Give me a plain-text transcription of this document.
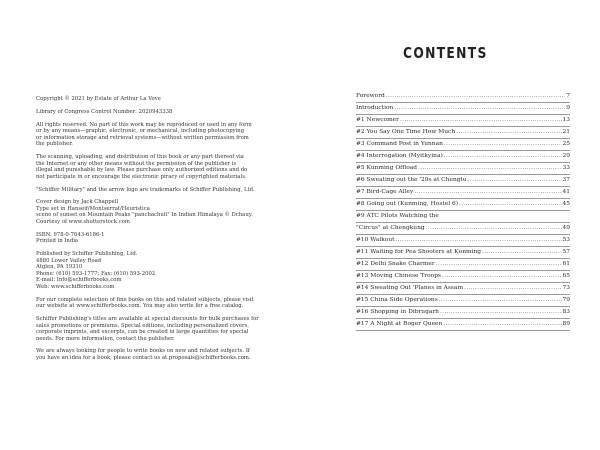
Copyright © 2021 by Estate of Arthur La Vove

Library of Congress Control Number: 2020943338

All rights reserved. No part of this work may be reproduced or used in any form
or by any means—graphic, electronic, or mechanical, including photocopying
or information storage and retrieval systems—without written permission from
the publisher.

The scanning, uploading, and distribution of this book or any part thereof via
the Internet or any other means without the permission of the publisher is
illegal and punishable by law. Please purchase only authorized editions and do
not participate in or encourage the electronic piracy of copyrighted materials.

"Schiffer Military" and the arrow logo are trademarks of Schiffer Publishing, Ltd.

Cover design by Jack Chappell
Type set in Hanseif/Montserrat/Heuristica
scene of sunset on Mountain Peaks "panchachuli" In Indian Himalaya © Dchauy.
Courtesy of www.shutterstock.com

ISBN: 978-0-7643-6186-1
Printed in India

Published by Schiffer Publishing, Ltd.
4880 Lower Valley Road
Atglen, PA 19310
Phone: (610) 593-1777; Fax: (610) 593-2002
E-mail: Info@schifferbooks.com
Web: www.schifferbooks.com

For our complete selection of fine books on this and related subjects, please visit
our website at www.schifferbooks.com. You may also write for a free catalog.

Schiffer Publishing's titles are available at special discounts for bulk purchases for
sales promotions or premiums. Special editions, including personalized covers,
corporate imprints, and excerpts, can be created in large quantities for special
needs. For more information, contact the publisher.

We are always looking for people to write books on new and related subjects. If
you have an idea for a book, please contact us at proposals@schifferbooks.com.

CONTENTS
Foreword .....	7
Introduction .....	9
#1 Newcomer .....	13
#2 You Say One Time How Much .....	21
#3 Command Post in Yunnan .....	25
#4 Interrogation (Myitkyina) .....	29
#5 Kunming Offload .....	33
#6 Sweating out the '29s at Chengtu .....	37
#7 Bird-Cage Alley .....	41
#8 Going out (Kunming, Hostel 6) .....	45
#9 ATC Pilots Watching the
"Circus" at Chengkung .....	49
#10 Walkout .....	53
#11 Waiting for Pea Shooters at Kunming .....	57
#12 Delhi Snake Charmer .....	61
#13 Moving Chinese Troops .....	65
#14 Sweating Out 'Planes in Assam .....	73
#15 China Side Operations .....	79
#16 Shopping in Dibrugarh .....	83
#17 A Night at Roger Queen .....	89
